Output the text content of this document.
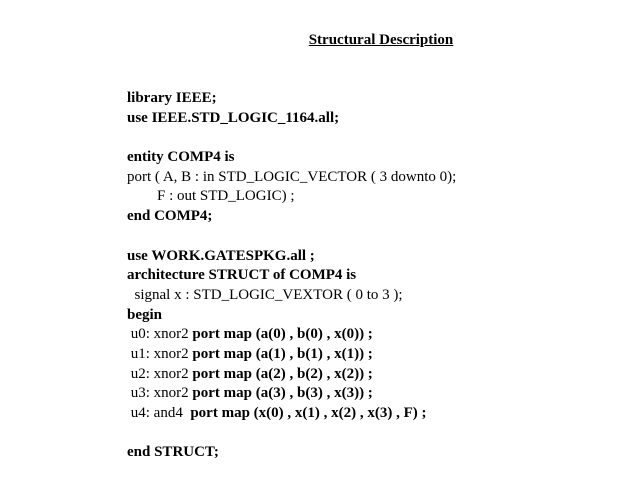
Structural Description
library IEEE;
use IEEE.STD_LOGIC_1164.all;
entity COMP4 is
port ( A, B : in STD_LOGIC_VECTOR ( 3 downto 0);
F : out STD_LOGIC) ;
end COMP4;
use WORK.GATESPKG.all ;
architecture STRUCT of COMP4 is
signal x : STD_LOGIC_VEXTOR ( 0 to 3 );
begin
u0: xnor2 port map (a(0) , b(0) , x(0)) ;
u1: xnor2 port map (a(1) , b(1) , x(1)) ;
u2: xnor2 port map (a(2) , b(2) , x(2)) ;
u3: xnor2 port map (a(3) , b(3) , x(3)) ;
u4: and4  port map (x(0) , x(1) , x(2) , x(3) , F) ;
end STRUCT;
